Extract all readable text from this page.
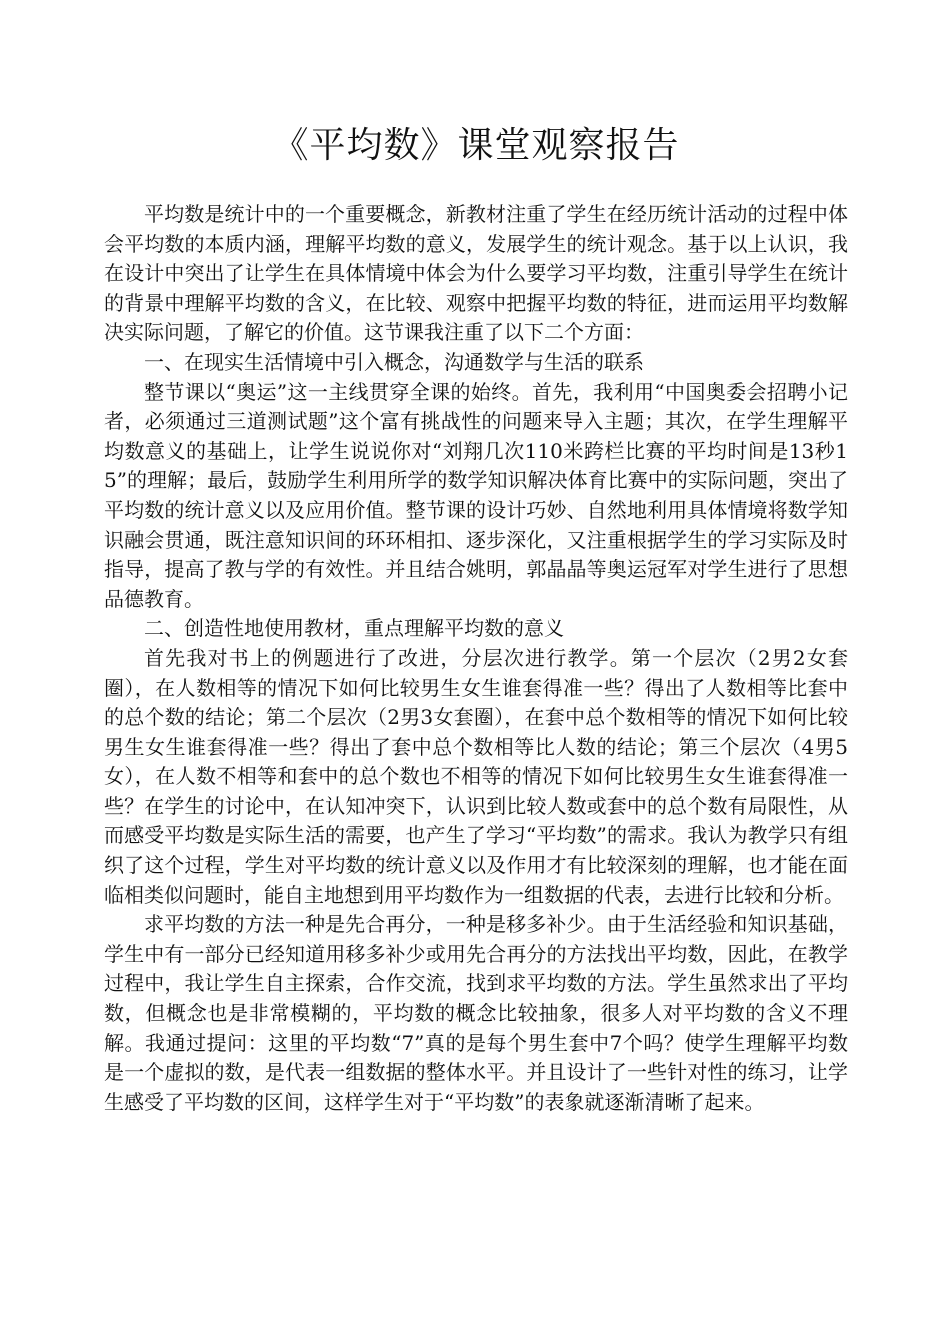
《平均数》课堂观察报告

平均数是统计中的一个重要概念，新教材注重了学生在经历统计活动的过程中体会平均数的本质内涵，理解平均数的意义，发展学生的统计观念。基于以上认识，我在设计中突出了让学生在具体情境中体会为什么要学习平均数，注重引导学生在统计的背景中理解平均数的含义，在比较、观察中把握平均数的特征，进而运用平均数解决实际问题，了解它的价值。这节课我注重了以下二个方面：

一、在现实生活情境中引入概念，沟通数学与生活的联系

整节课以“奥运”这一主线贯穿全课的始终。首先，我利用“中国奥委会招聘小记者，必须通过三道测试题”这个富有挑战性的问题来导入主题；其次，在学生理解平均数意义的基础上，让学生说说你对“刘翔几次110米跨栏比赛的平均时间是13秒15”的理解；最后，鼓励学生利用所学的数学知识解决体育比赛中的实际问题，突出了平均数的统计意义以及应用价值。整节课的设计巧妙、自然地利用具体情境将数学知识融会贯通，既注意知识间的环环相扣、逐步深化，又注重根据学生的学习实际及时指导，提高了教与学的有效性。并且结合姚明，郭晶晶等奥运冠军对学生进行了思想品德教育。

二、创造性地使用教材，重点理解平均数的意义

首先我对书上的例题进行了改进，分层次进行教学。第一个层次（2男2女套圈），在人数相等的情况下如何比较男生女生谁套得准一些？得出了人数相等比套中的总个数的结论；第二个层次（2男3女套圈），在套中总个数相等的情况下如何比较男生女生谁套得准一些？得出了套中总个数相等比人数的结论；第三个层次（4男5女），在人数不相等和套中的总个数也不相等的情况下如何比较男生女生谁套得准一些？在学生的讨论中，在认知冲突下，认识到比较人数或套中的总个数有局限性，从而感受平均数是实际生活的需要，也产生了学习“平均数”的需求。我认为教学只有组织了这个过程，学生对平均数的统计意义以及作用才有比较深刻的理解，也才能在面临相类似问题时，能自主地想到用平均数作为一组数据的代表，去进行比较和分析。

求平均数的方法一种是先合再分，一种是移多补少。由于生活经验和知识基础，学生中有一部分已经知道用移多补少或用先合再分的方法找出平均数，因此，在教学过程中，我让学生自主探索，合作交流，找到求平均数的方法。学生虽然求出了平均数，但概念也是非常模糊的，平均数的概念比较抽象，很多人对平均数的含义不理解。我通过提问：这里的平均数“7”真的是每个男生套中7个吗？使学生理解平均数是一个虚拟的数，是代表一组数据的整体水平。并且设计了一些针对性的练习，让学生感受了平均数的区间，这样学生对于“平均数”的表象就逐渐清晰了起来。
